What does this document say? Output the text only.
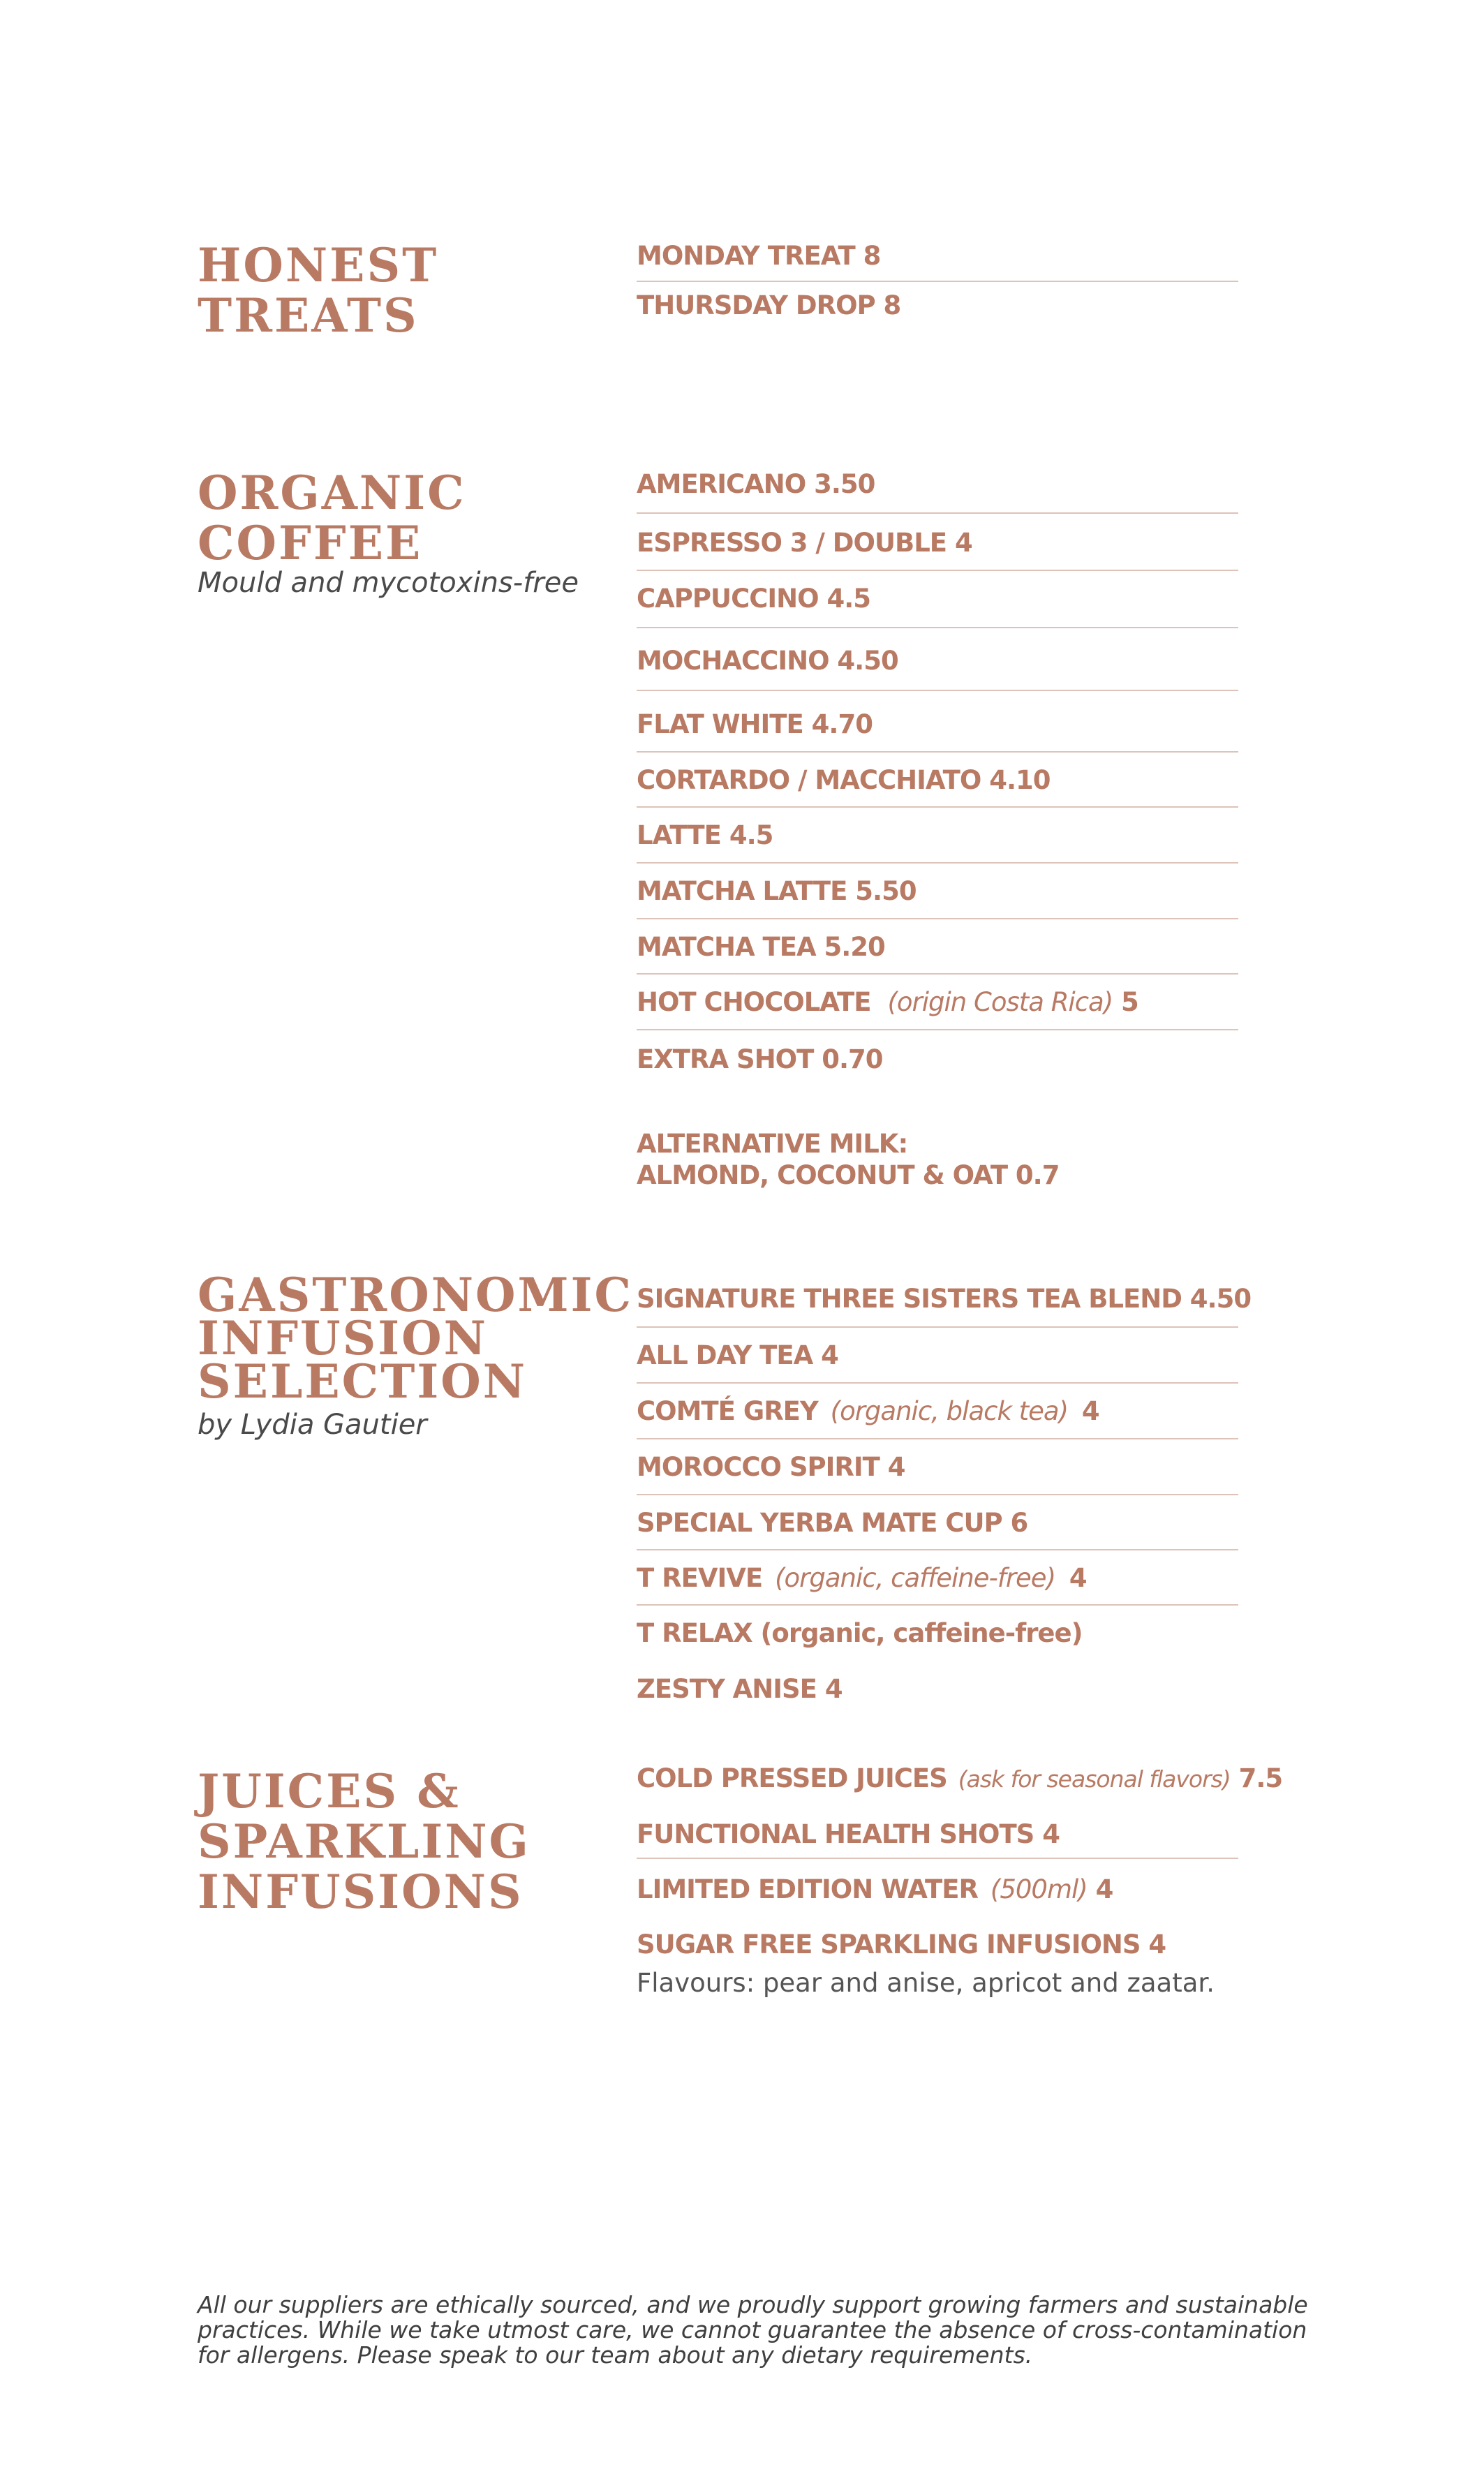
HONEST
TREATS
MONDAY TREAT 8
THURSDAY DROP 8
ORGANIC
COFFEE
Mould and mycotoxins-free
AMERICANO 3.50
ESPRESSO 3 / DOUBLE 4
CAPPUCCINO 4.5
MOCHACCINO 4.50
FLAT WHITE 4.70
CORTARDO / MACCHIATO 4.10
LATTE 4.5
MATCHA LATTE 5.50
MATCHA TEA 5.20
HOT CHOCOLATE (origin Costa Rica) 5
EXTRA SHOT 0.70
ALTERNATIVE MILK:
ALMOND, COCONUT & OAT 0.7
GASTRONOMIC
INFUSION
SELECTION
by Lydia Gautier
SIGNATURE THREE SISTERS TEA BLEND 4.50
ALL DAY TEA 4
COMTÉ GREY (organic, black tea) 4
MOROCCO SPIRIT 4
SPECIAL YERBA MATE CUP 6
T REVIVE (organic, caffeine-free) 4
T RELAX (organic, caffeine-free)
ZESTY ANISE 4
JUICES &
SPARKLING
INFUSIONS
COLD PRESSED JUICES (ask for seasonal flavors) 7.5
FUNCTIONAL HEALTH SHOTS 4
LIMITED EDITION WATER (500ml) 4
SUGAR FREE SPARKLING INFUSIONS 4
Flavours: pear and anise, apricot and zaatar.
All our suppliers are ethically sourced, and we proudly support growing farmers and sustainable
practices. While we take utmost care, we cannot guarantee the absence of cross-contamination
for allergens. Please speak to our team about any dietary requirements.
